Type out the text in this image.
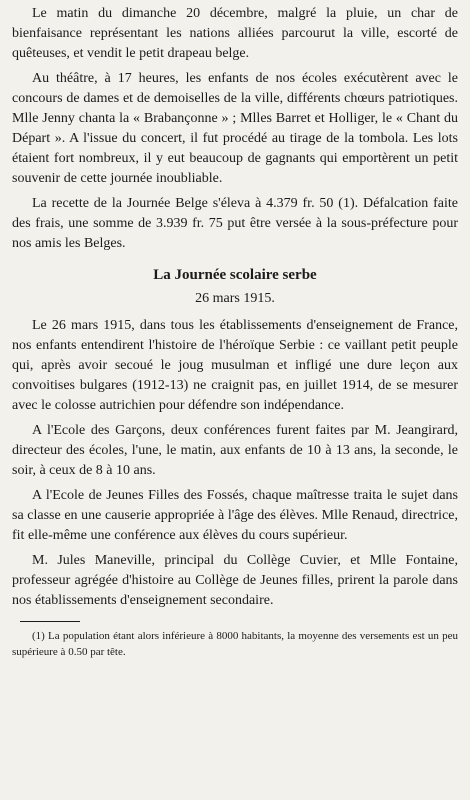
Le matin du dimanche 20 décembre, malgré la pluie, un char de bienfaisance représentant les nations alliées parcourut la ville, escorté de quêteuses, et vendit le petit drapeau belge.

Au théâtre, à 17 heures, les enfants de nos écoles exécutèrent avec le concours de dames et de demoiselles de la ville, différents chœurs patriotiques. Mlle Jenny chanta la « Brabançonne » ; Mlles Barret et Holliger, le « Chant du Départ ». A l'issue du concert, il fut procédé au tirage de la tombola. Les lots étaient fort nombreux, il y eut beaucoup de gagnants qui emportèrent un petit souvenir de cette journée inoubliable.

La recette de la Journée Belge s'éleva à 4.379 fr. 50 (1). Défalcation faite des frais, une somme de 3.939 fr. 75 put être versée à la sous-préfecture pour nos amis les Belges.

La Journée scolaire serbe
26 mars 1915.

Le 26 mars 1915, dans tous les établissements d'enseignement de France, nos enfants entendirent l'histoire de l'héroïque Serbie : ce vaillant petit peuple qui, après avoir secoué le joug musulman et infligé une dure leçon aux convoitises bulgares (1912-13) ne craignit pas, en juillet 1914, de se mesurer avec le colosse autrichien pour défendre son indépendance.

A l'Ecole des Garçons, deux conférences furent faites par M. Jeangirard, directeur des écoles, l'une, le matin, aux enfants de 10 à 13 ans, la seconde, le soir, à ceux de 8 à 10 ans.

A l'Ecole de Jeunes Filles des Fossés, chaque maîtresse traita le sujet dans sa classe en une causerie appropriée à l'âge des élèves. Mlle Renaud, directrice, fit elle-même une conférence aux élèves du cours supérieur.

M. Jules Maneville, principal du Collège Cuvier, et Mlle Fontaine, professeur agrégée d'histoire au Collège de Jeunes filles, prirent la parole dans nos établissements d'enseignement secondaire.

(1) La population étant alors inférieure à 8000 habitants, la moyenne des versements est un peu supérieure à 0.50 par tête.
